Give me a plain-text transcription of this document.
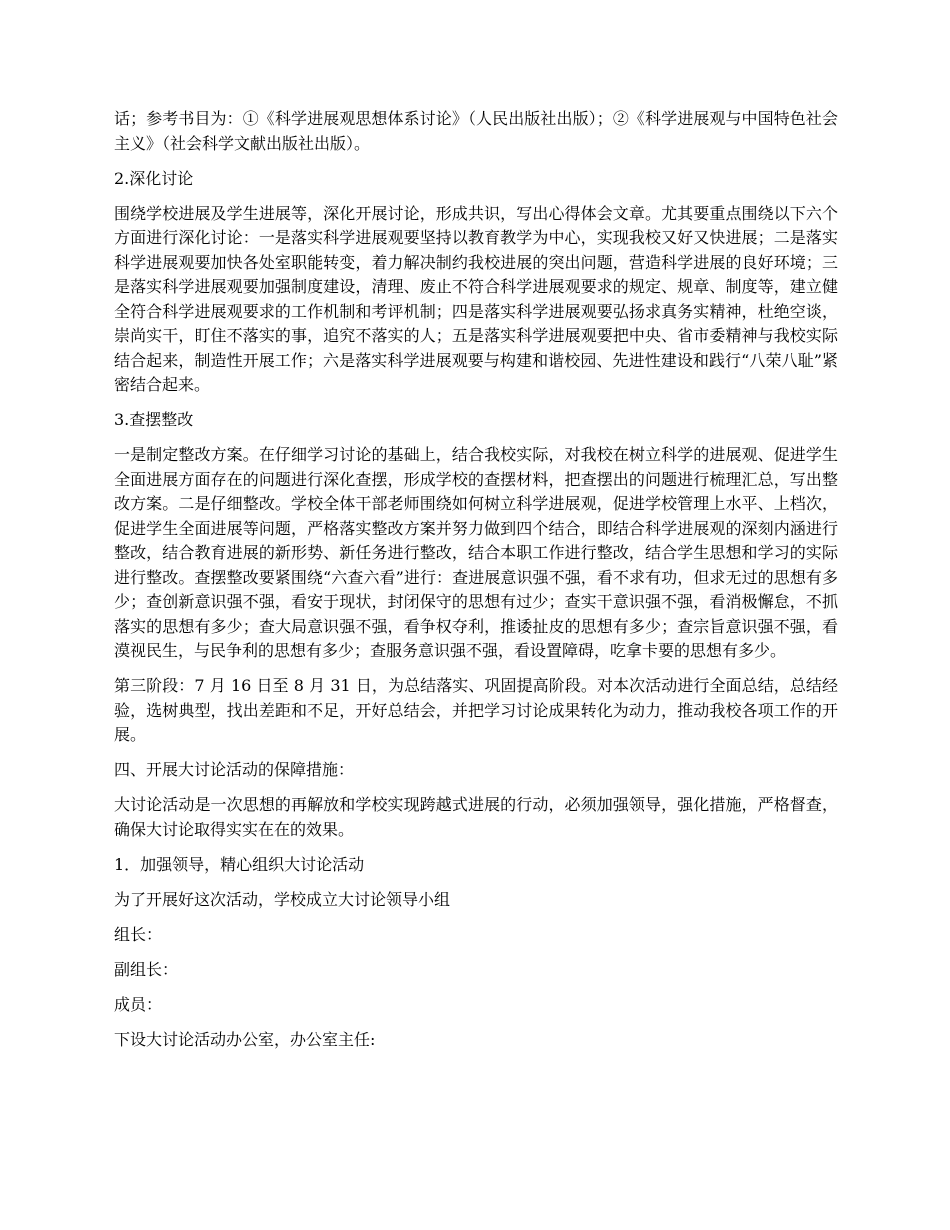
话；参考书目为：①《科学进展观思想体系讨论》（人民出版社出版）；②《科学进展观与中国特色社会主义》（社会科学文献出版社出版）。

2.深化讨论

围绕学校进展及学生进展等，深化开展讨论，形成共识，写出心得体会文章。尤其要重点围绕以下六个方面进行深化讨论：一是落实科学进展观要坚持以教育教学为中心，实现我校又好又快进展；二是落实科学进展观要加快各处室职能转变，着力解决制约我校进展的突出问题，营造科学进展的良好环境；三是落实科学进展观要加强制度建设，清理、废止不符合科学进展观要求的规定、规章、制度等，建立健全符合科学进展观要求的工作机制和考评机制；四是落实科学进展观要弘扬求真务实精神，杜绝空谈，崇尚实干，盯住不落实的事，追究不落实的人；五是落实科学进展观要把中央、省市委精神与我校实际结合起来，制造性开展工作；六是落实科学进展观要与构建和谐校园、先进性建设和践行“八荣八耻”紧密结合起来。

3.查摆整改

一是制定整改方案。在仔细学习讨论的基础上，结合我校实际，对我校在树立科学的进展观、促进学生全面进展方面存在的问题进行深化查摆，形成学校的查摆材料，把查摆出的问题进行梳理汇总，写出整改方案。二是仔细整改。学校全体干部老师围绕如何树立科学进展观，促进学校管理上水平、上档次，促进学生全面进展等问题，严格落实整改方案并努力做到四个结合，即结合科学进展观的深刻内涵进行整改，结合教育进展的新形势、新任务进行整改，结合本职工作进行整改，结合学生思想和学习的实际进行整改。查摆整改要紧围绕“六查六看”进行：查进展意识强不强，看不求有功，但求无过的思想有多少；查创新意识强不强，看安于现状，封闭保守的思想有过少；查实干意识强不强，看消极懈怠，不抓落实的思想有多少；查大局意识强不强，看争权夺利，推诿扯皮的思想有多少；查宗旨意识强不强，看漠视民生，与民争利的思想有多少；查服务意识强不强，看设置障碍，吃拿卡要的思想有多少。

第三阶段：7 月 16 日至 8 月 31 日，为总结落实、巩固提高阶段。对本次活动进行全面总结，总结经验，选树典型，找出差距和不足，开好总结会，并把学习讨论成果转化为动力，推动我校各项工作的开展。

四、开展大讨论活动的保障措施：

大讨论活动是一次思想的再解放和学校实现跨越式进展的行动，必须加强领导，强化措施，严格督查，确保大讨论取得实实在在的效果。

1．加强领导，精心组织大讨论活动

为了开展好这次活动，学校成立大讨论领导小组

组长：

副组长：

成员：

下设大讨论活动办公室，办公室主任:
